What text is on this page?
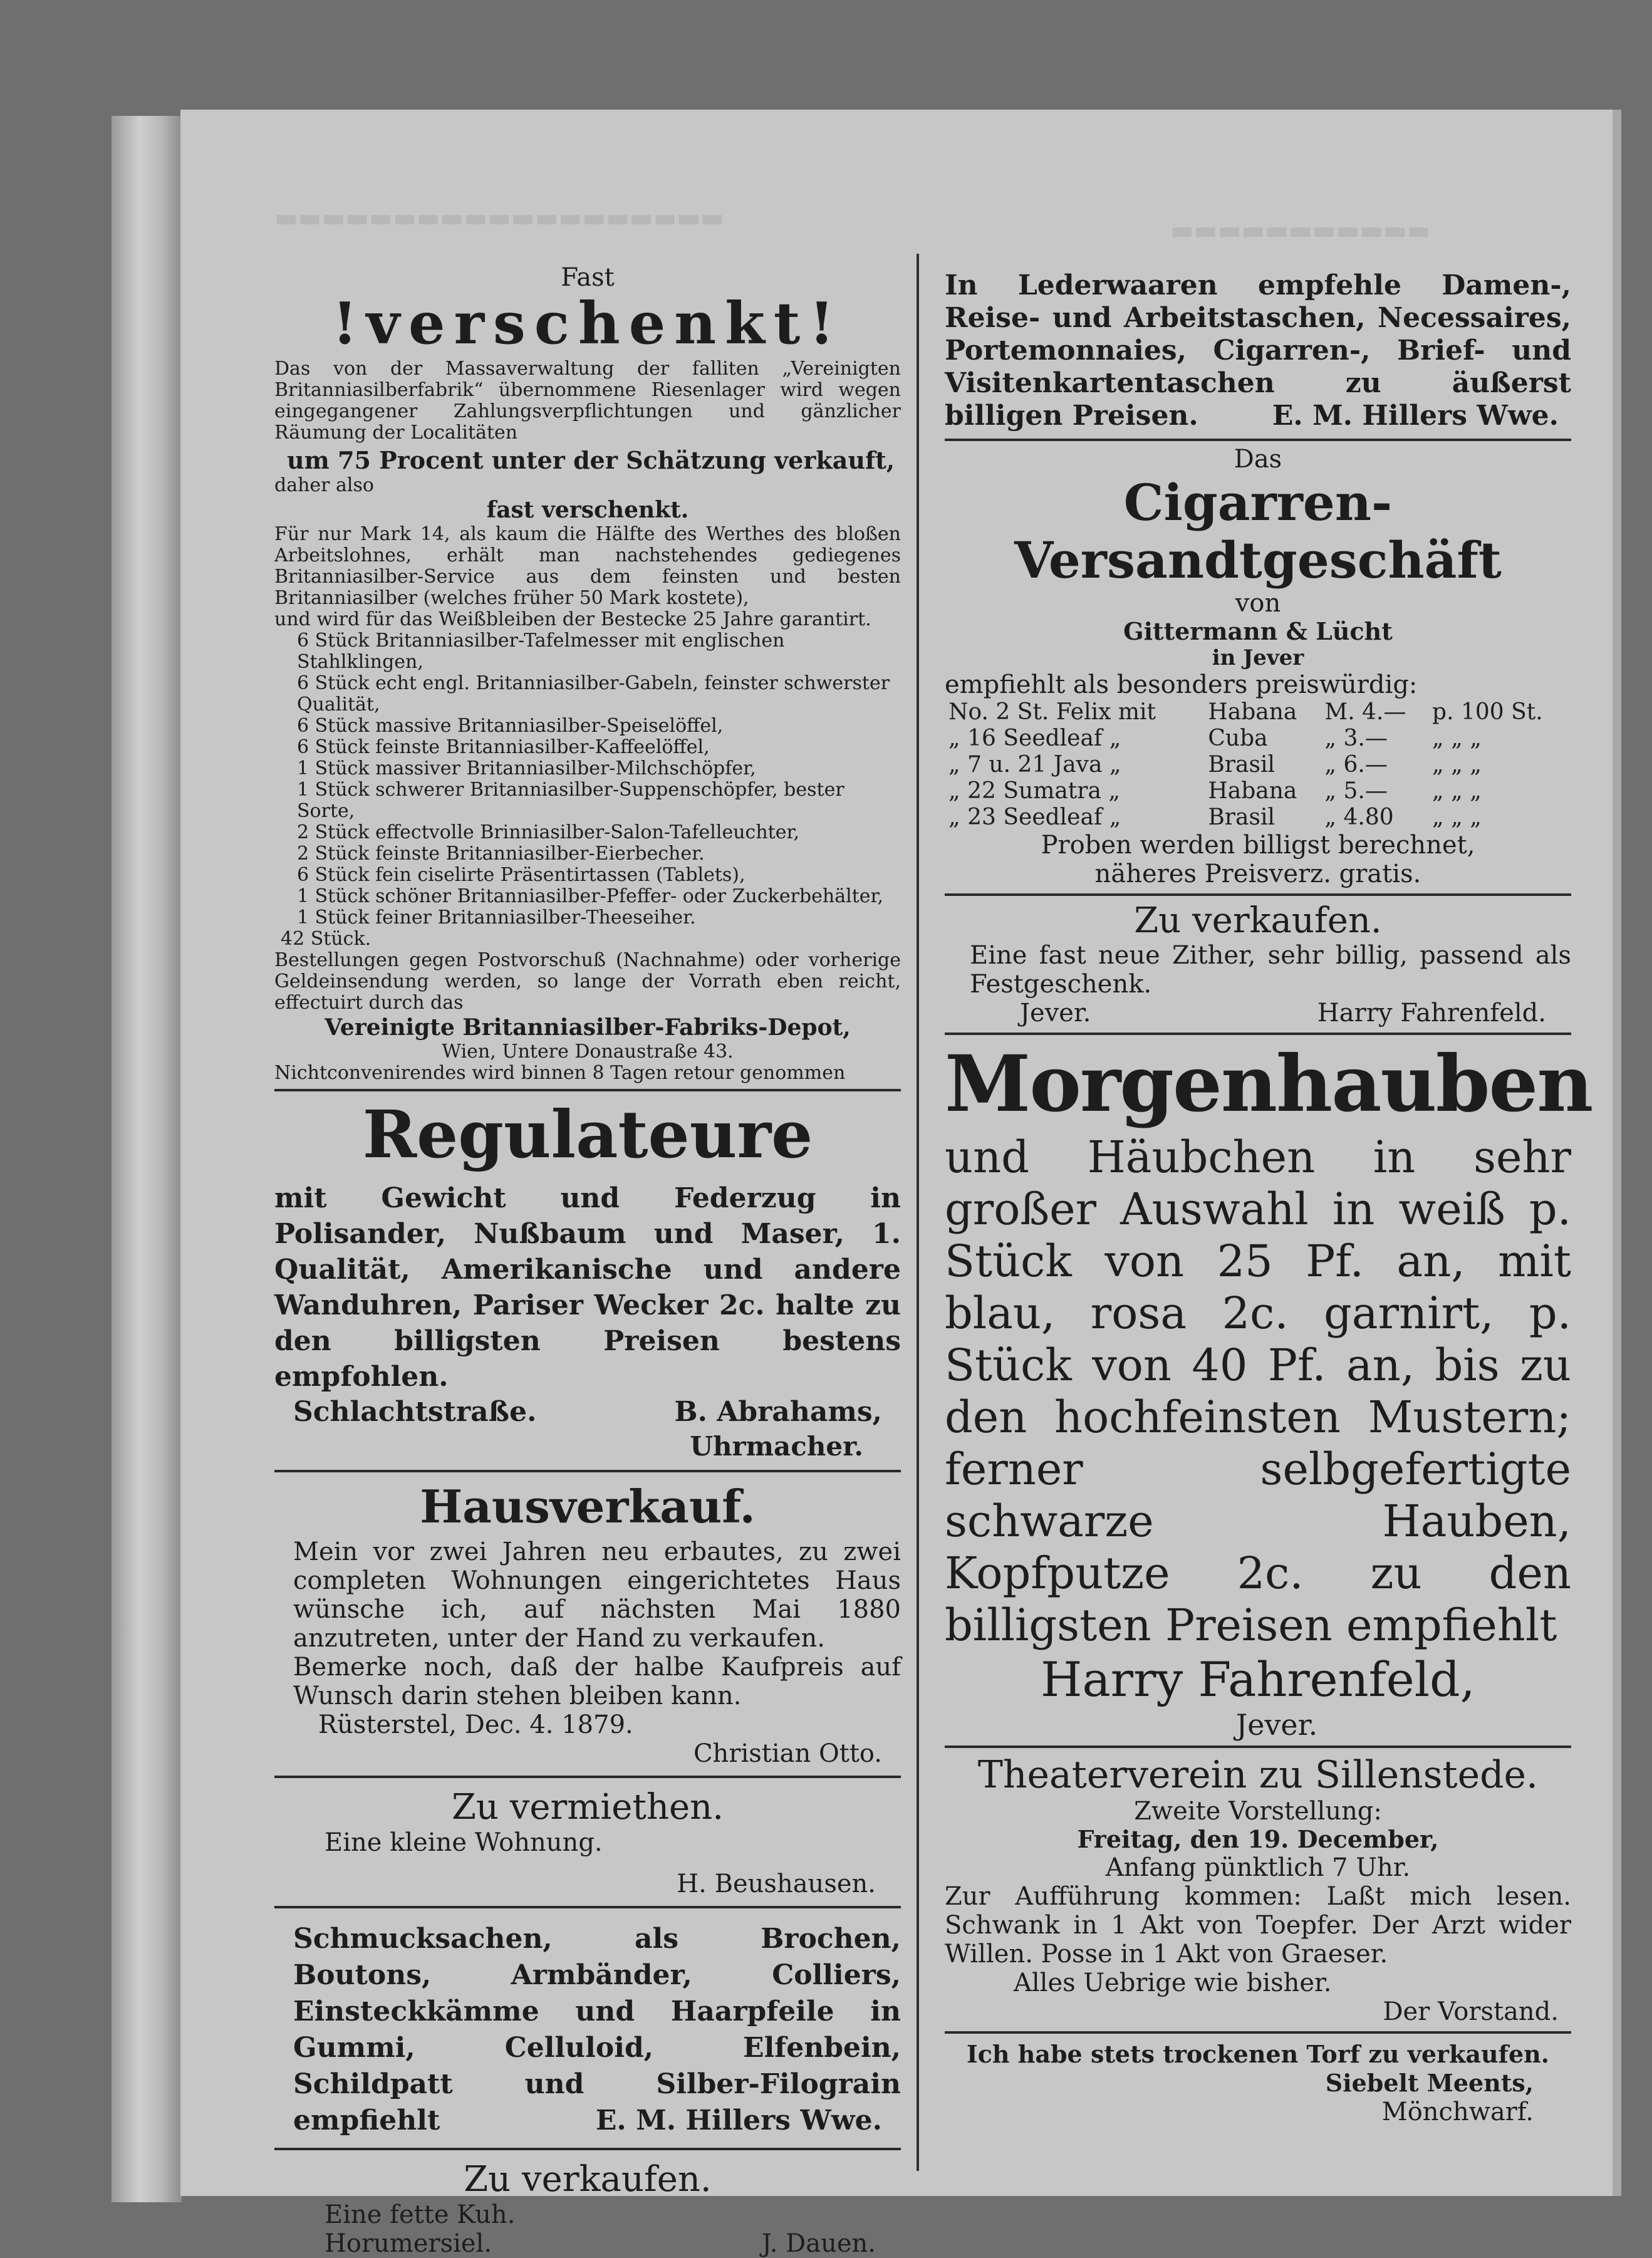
▬▬▬▬▬▬▬▬▬▬▬▬▬▬▬▬▬▬▬	▬▬▬▬▬▬▬▬▬▬▬

Fast

!verschenkt!

Das von der Massaverwaltung der falliten „Vereinigten Britanniasilberfabrik“ übernommene Riesenlager wird wegen eingegangener Zahlungsverpflichtungen und gänzlicher Räumung der Localitäten

um 75 Procent unter der Schätzung verkauft,

daher also

fast verschenkt.

Für nur Mark 14, als kaum die Hälfte des Werthes des bloßen Arbeitslohnes, erhält man nachstehendes gediegenes Britanniasilber-Service aus dem feinsten und besten Britanniasilber (welches früher 50 Mark kostete),

und wird für das Weißbleiben der Bestecke 25 Jahre garantirt.

6 Stück Britanniasilber-Tafelmesser mit englischen Stahlklingen,

6 Stück echt engl. Britanniasilber-Gabeln, feinster schwerster Qualität,

6 Stück massive Britanniasilber-Speiselöffel,

6 Stück feinste Britanniasilber-Kaffeelöffel,

1 Stück massiver Britanniasilber-Milchschöpfer,

1 Stück schwerer Britanniasilber-Suppenschöpfer, bester Sorte,

2 Stück effectvolle Brinniasilber-Salon-Tafelleuchter,

2 Stück feinste Britanniasilber-Eierbecher.

6 Stück fein ciselirte Präsentirtassen (Tablets),

1 Stück schöner Britanniasilber-Pfeffer- oder Zuckerbehälter,

1 Stück feiner Britanniasilber-Theeseiher.

42 Stück.

Bestellungen gegen Postvorschuß (Nachnahme) oder vorherige Geldeinsendung werden, so lange der Vorrath eben reicht, effectuirt durch das

Vereinigte Britanniasilber-Fabriks-Depot,

Wien, Untere Donaustraße 43.

Nichtconvenirendes wird binnen 8 Tagen retour genommen

Regulateure

mit Gewicht und Federzug in Polisander, Nußbaum und Maser, 1. Qualität, Amerikanische und andere Wanduhren, Pariser Wecker 2c. halte zu den billigsten Preisen bestens empfohlen.

Schlachtstraße.	B. Abrahams,

Uhrmacher.

Hausverkauf.

Mein vor zwei Jahren neu erbautes, zu zwei completen Wohnungen eingerichtetes Haus wünsche ich, auf nächsten Mai 1880 anzutreten, unter der Hand zu verkaufen.

Bemerke noch, daß der halbe Kaufpreis auf Wunsch darin stehen bleiben kann.

Rüsterstel, Dec. 4. 1879.

Christian Otto.

Zu vermiethen.

Eine kleine Wohnung.

H. Beushausen.

Schmucksachen, als Brochen, Boutons, Armbänder, Colliers, Einsteckkämme und Haarpfeile in Gummi, Celluloid, Elfenbein, Schildpatt und Silber-Filograin empfiehlt	E. M. Hillers Wwe.

Zu verkaufen.

Eine fette Kuh.

Horumersiel.	J. Dauen.

In Lederwaaren empfehle Damen-, Reise- und Arbeitstaschen, Necessaires, Portemonnaies, Cigarren-, Brief- und Visitenkartentaschen zu äußerst billigen Preisen.	E. M. Hillers Wwe.

Das

Cigarren-

Versandtgeschäft

von

Gittermann & Lücht

in Jever

empfiehlt als besonders preiswürdig:

No. 2 St. Felix mit	Habana	M. 4.—	p. 100 St.
„ 16 Seedleaf „	Cuba	„ 3.—	„ „ „
„ 7 u. 21 Java „	Brasil	„ 6.—	„ „ „
„ 22 Sumatra „	Habana	„ 5.—	„ „ „
„ 23 Seedleaf „	Brasil	„ 4.80	„ „ „

Proben werden billigst berechnet,

näheres Preisverz. gratis.

Zu verkaufen.

Eine fast neue Zither, sehr billig, passend als Festgeschenk.

Jever.	Harry Fahrenfeld.

Morgenhauben

und Häubchen in sehr großer Auswahl in weiß p. Stück von 25 Pf. an, mit blau, rosa 2c. garnirt, p. Stück von 40 Pf. an, bis zu den hochfeinsten Mustern; ferner selbgefertigte schwarze Hauben, Kopfputze 2c. zu den billigsten Preisen empfiehlt

Harry Fahrenfeld,

Jever.

Theaterverein zu Sillenstede.

Zweite Vorstellung:

Freitag, den 19. December,

Anfang pünktlich 7 Uhr.

Zur Aufführung kommen: Laßt mich lesen. Schwank in 1 Akt von Toepfer. Der Arzt wider Willen. Posse in 1 Akt von Graeser.

Alles Uebrige wie bisher.

Der Vorstand.

Ich habe stets trockenen Torf zu verkaufen.

Siebelt Meents,

Mönchwarf.
